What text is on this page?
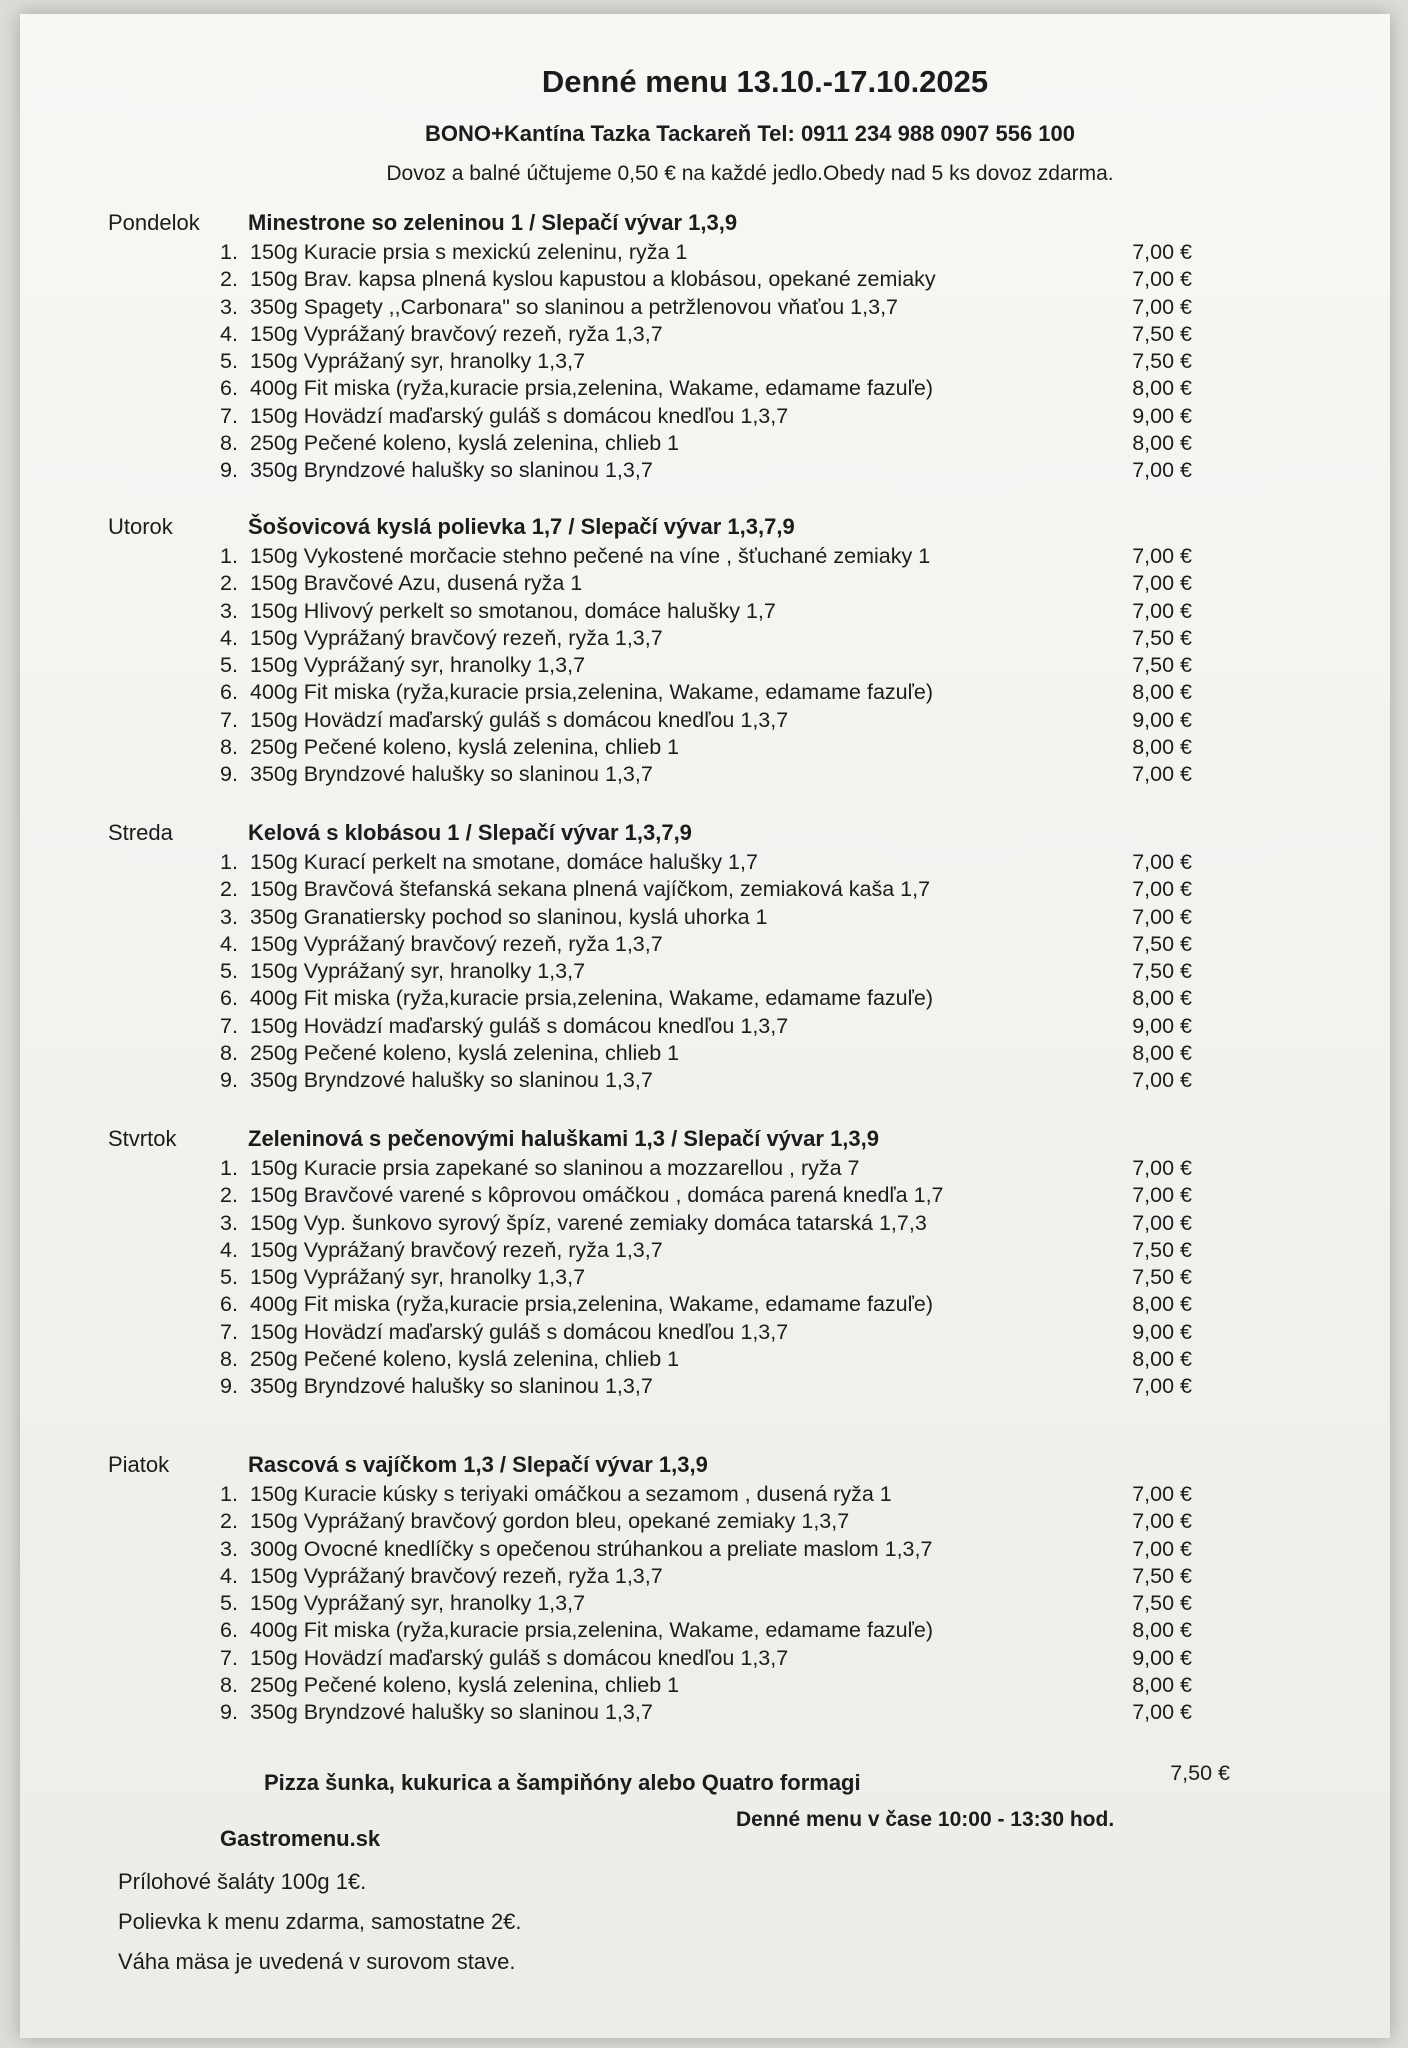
Denné menu 13.10.-17.10.2025
BONO+Kantína Tazka Tackareň Tel: 0911 234 988 0907 556 100
Dovoz a balné účtujeme 0,50 € na každé jedlo.Obedy nad 5 ks dovoz zdarma.
Pondelok Minestrone so zeleninou 1 / Slepačí vývar 1,3,9
1. 150g Kuracie prsia s mexickú zeleninu, ryža 1	7,00 €
2. 150g Brav. kapsa plnená kyslou kapustou a klobásou, opekané zemiaky	7,00 €
3. 350g Spagety ,,Carbonara" so slaninou a petržlenovou vňaťou 1,3,7	7,00 €
4. 150g Vyprážaný bravčový rezeň, ryža 1,3,7	7,50 €
5. 150g Vyprážaný syr, hranolky 1,3,7	7,50 €
6. 400g Fit miska (ryža,kuracie prsia,zelenina, Wakame, edamame fazuľe)	8,00 €
7. 150g Hovädzí maďarský guláš s domácou knedľou 1,3,7	9,00 €
8. 250g Pečené koleno, kyslá zelenina, chlieb 1	8,00 €
9. 350g Bryndzové halušky so slaninou 1,3,7	7,00 €
Utorok	Šošovicová kyslá polievka 1,7 / Slepačí vývar 1,3,7,9
1. 150g Vykostené morčacie stehno pečené na víne , šťuchané zemiaky 1	7,00 €
2. 150g Bravčové Azu, dusená ryža 1	7,00 €
3. 150g Hlivový perkelt so smotanou, domáce halušky 1,7	7,00 €
4. 150g Vyprážaný bravčový rezeň, ryža 1,3,7	7,50 €
5. 150g Vyprážaný syr, hranolky 1,3,7	7,50 €
6. 400g Fit miska (ryža,kuracie prsia,zelenina, Wakame, edamame fazuľe)	8,00 €
7. 150g Hovädzí maďarský guláš s domácou knedľou 1,3,7	9,00 €
8. 250g Pečené koleno, kyslá zelenina, chlieb 1	8,00 €
9. 350g Bryndzové halušky so slaninou 1,3,7	7,00 €
Streda	Kelová s klobásou 1 / Slepačí vývar 1,3,7,9
1. 150g Kurací perkelt na smotane, domáce halušky 1,7	7,00 €
2. 150g Bravčová štefanská sekana plnená vajíčkom, zemiaková kaša 1,7	7,00 €
3. 350g Granatiersky pochod so slaninou, kyslá uhorka 1	7,00 €
4. 150g Vyprážaný bravčový rezeň, ryža 1,3,7	7,50 €
5. 150g Vyprážaný syr, hranolky 1,3,7	7,50 €
6. 400g Fit miska (ryža,kuracie prsia,zelenina, Wakame, edamame fazuľe)	8,00 €
7. 150g Hovädzí maďarský guláš s domácou knedľou 1,3,7	9,00 €
8. 250g Pečené koleno, kyslá zelenina, chlieb 1	8,00 €
9. 350g Bryndzové halušky so slaninou 1,3,7	7,00 €
Stvrtok	Zeleninová s pečenovými haluškami 1,3 / Slepačí vývar 1,3,9
1. 150g Kuracie prsia zapekané so slaninou a mozzarellou , ryža 7	7,00 €
2. 150g Bravčové varené s kôprovou omáčkou , domáca parená knedľa 1,7	7,00 €
3. 150g Vyp. šunkovo syrový špíz, varené zemiaky domáca tatarská 1,7,3	7,00 €
4. 150g Vyprážaný bravčový rezeň, ryža 1,3,7	7,50 €
5. 150g Vyprážaný syr, hranolky 1,3,7	7,50 €
6. 400g Fit miska (ryža,kuracie prsia,zelenina, Wakame, edamame fazuľe)	8,00 €
7. 150g Hovädzí maďarský guláš s domácou knedľou 1,3,7	9,00 €
8. 250g Pečené koleno, kyslá zelenina, chlieb 1	8,00 €
9. 350g Bryndzové halušky so slaninou 1,3,7	7,00 €
Piatok	Rascová s vajíčkom 1,3 / Slepačí vývar 1,3,9
1. 150g Kuracie kúsky s teriyaki omáčkou a sezamom , dusená ryža 1	7,00 €
2. 150g Vyprážaný bravčový gordon bleu, opekané zemiaky 1,3,7	7,00 €
3. 300g Ovocné knedlíčky s opečenou strúhankou a preliate maslom 1,3,7	7,00 €
4. 150g Vyprážaný bravčový rezeň, ryža 1,3,7	7,50 €
5. 150g Vyprážaný syr, hranolky 1,3,7	7,50 €
6. 400g Fit miska (ryža,kuracie prsia,zelenina, Wakame, edamame fazuľe)	8,00 €
7. 150g Hovädzí maďarský guláš s domácou knedľou 1,3,7	9,00 €
8. 250g Pečené koleno, kyslá zelenina, chlieb 1	8,00 €
9. 350g Bryndzové halušky so slaninou 1,3,7	7,00 €
Pizza šunka, kukurica a šampiňóny alebo Quatro formagi	7,50 €
Denné menu v čase 10:00 - 13:30 hod.
Gastromenu.sk
Prílohové šaláty 100g 1€.
Polievka k menu zdarma, samostatne 2€.
Váha mäsa je uvedená v surovom stave.
